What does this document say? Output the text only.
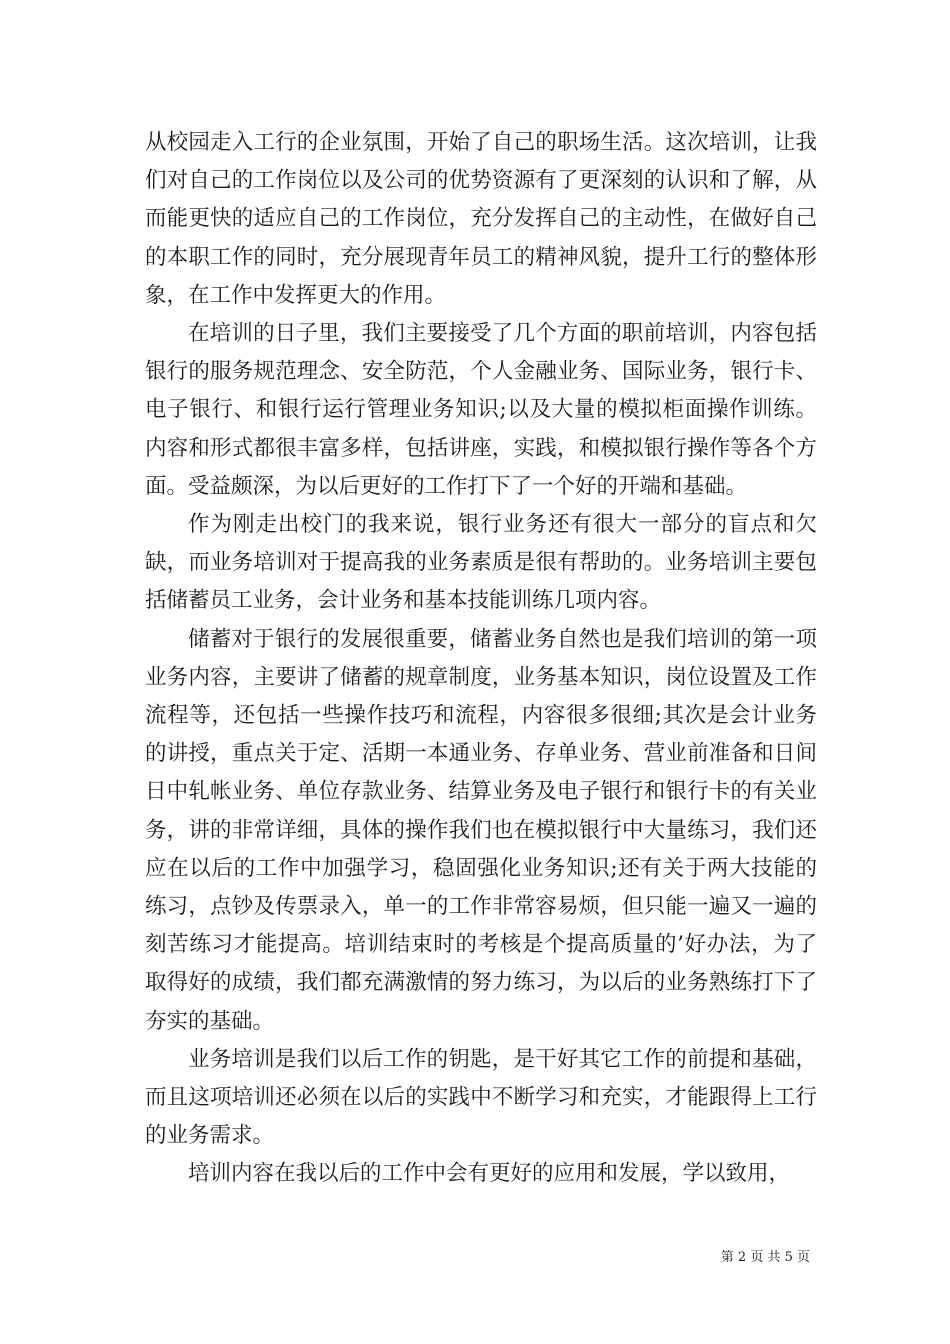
从校园走入工行的企业氛围，开始了自己的职场生活。这次培训，让我们对自己的工作岗位以及公司的优势资源有了更深刻的认识和了解，从而能更快的适应自己的工作岗位，充分发挥自己的主动性，在做好自己的本职工作的同时，充分展现青年员工的精神风貌，提升工行的整体形象，在工作中发挥更大的作用。

在培训的日子里，我们主要接受了几个方面的职前培训，内容包括银行的服务规范理念、安全防范，个人金融业务、国际业务，银行卡、电子银行、和银行运行管理业务知识;以及大量的模拟柜面操作训练。内容和形式都很丰富多样，包括讲座，实践，和模拟银行操作等各个方面。受益颇深，为以后更好的工作打下了一个好的开端和基础。

作为刚走出校门的我来说，银行业务还有很大一部分的盲点和欠缺，而业务培训对于提高我的业务素质是很有帮助的。业务培训主要包括储蓄员工业务，会计业务和基本技能训练几项内容。

储蓄对于银行的发展很重要，储蓄业务自然也是我们培训的第一项业务内容，主要讲了储蓄的规章制度，业务基本知识，岗位设置及工作流程等，还包括一些操作技巧和流程，内容很多很细;其次是会计业务的讲授，重点关于定、活期一本通业务、存单业务、营业前准备和日间日中轧帐业务、单位存款业务、结算业务及电子银行和银行卡的有关业务，讲的非常详细，具体的操作我们也在模拟银行中大量练习，我们还应在以后的工作中加强学习，稳固强化业务知识;还有关于两大技能的练习，点钞及传票录入，单一的工作非常容易烦，但只能一遍又一遍的刻苦练习才能提高。培训结束时的考核是个提高质量的’好办法，为了取得好的成绩，我们都充满激情的努力练习，为以后的业务熟练打下了夯实的基础。

业务培训是我们以后工作的钥匙，是干好其它工作的前提和基础，而且这项培训还必须在以后的实践中不断学习和充实，才能跟得上工行的业务需求。

培训内容在我以后的工作中会有更好的应用和发展，学以致用，

第 2 页 共 5 页
